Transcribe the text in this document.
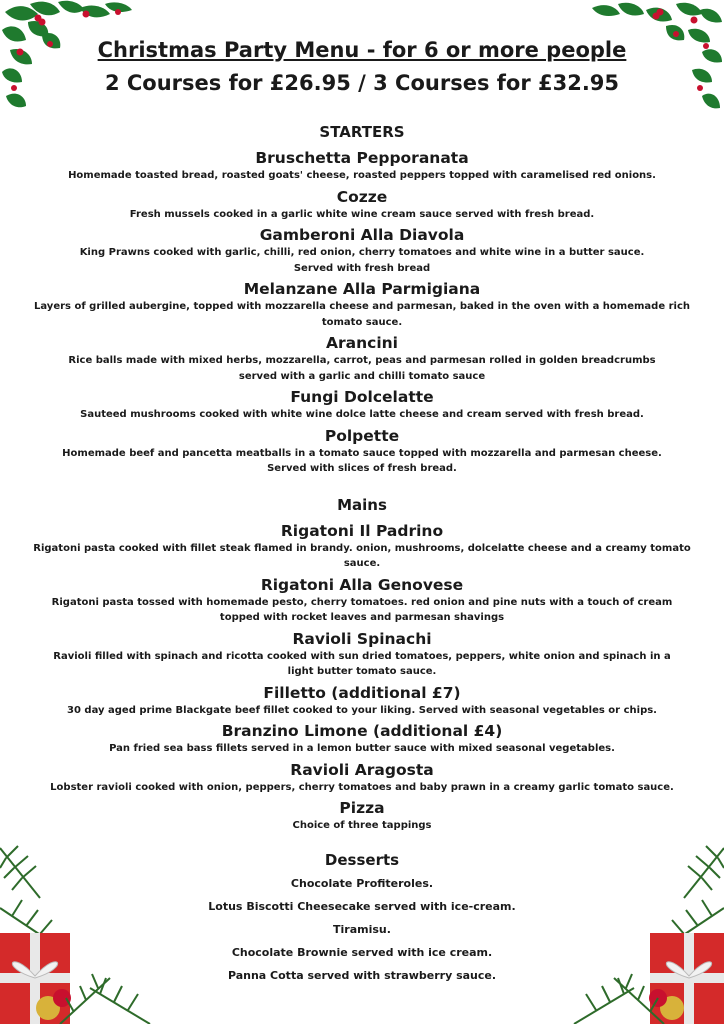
Christmas Party Menu - for 6 or more people
2 Courses for £26.95 / 3 Courses for £32.95
STARTERS
Bruschetta Pepporanata
Homemade toasted bread, roasted goats' cheese, roasted peppers topped with caramelised red onions.
Cozze
Fresh mussels cooked in a garlic white wine cream sauce served with fresh bread.
Gamberoni Alla Diavola
King Prawns cooked with garlic, chilli, red onion, cherry tomatoes and white wine in a butter sauce.
Served with fresh bread
Melanzane Alla Parmigiana
Layers of grilled aubergine, topped with mozzarella cheese and parmesan, baked in the oven with a homemade rich tomato sauce.
Arancini
Rice balls made with mixed herbs, mozzarella, carrot, peas and parmesan rolled in golden breadcrumbs served with a garlic and chilli tomato sauce
Fungi Dolcelatte
Sauteed mushrooms cooked with white wine dolce latte cheese and cream served with fresh bread.
Polpette
Homemade beef and pancetta meatballs in a tomato sauce topped with mozzarella and parmesan cheese.
Served with slices of fresh bread.
Mains
Rigatoni Il Padrino
Rigatoni pasta cooked with fillet steak flamed in brandy. onion, mushrooms, dolcelatte cheese and a creamy tomato sauce.
Rigatoni Alla Genovese
Rigatoni pasta tossed with homemade pesto, cherry tomatoes. red onion and pine nuts with a touch of cream topped with rocket leaves and parmesan shavings
Ravioli Spinachi
Ravioli filled with spinach and ricotta cooked with sun dried tomatoes, peppers, white onion and spinach in a light butter tomato sauce.
Filletto (additional £7)
30 day aged prime Blackgate beef fillet cooked to your liking. Served with seasonal vegetables or chips.
Branzino Limone (additional £4)
Pan fried sea bass fillets served in a lemon butter sauce with mixed seasonal vegetables.
Ravioli Aragosta
Lobster ravioli cooked with onion, peppers, cherry tomatoes and baby prawn in a creamy garlic tomato sauce.
Pizza
Choice of three tappings
Desserts
Chocolate Profiteroles.
Lotus Biscotti Cheesecake served with ice-cream.
Tiramisu.
Chocolate Brownie served with ice cream.
Panna Cotta served with strawberry sauce.
